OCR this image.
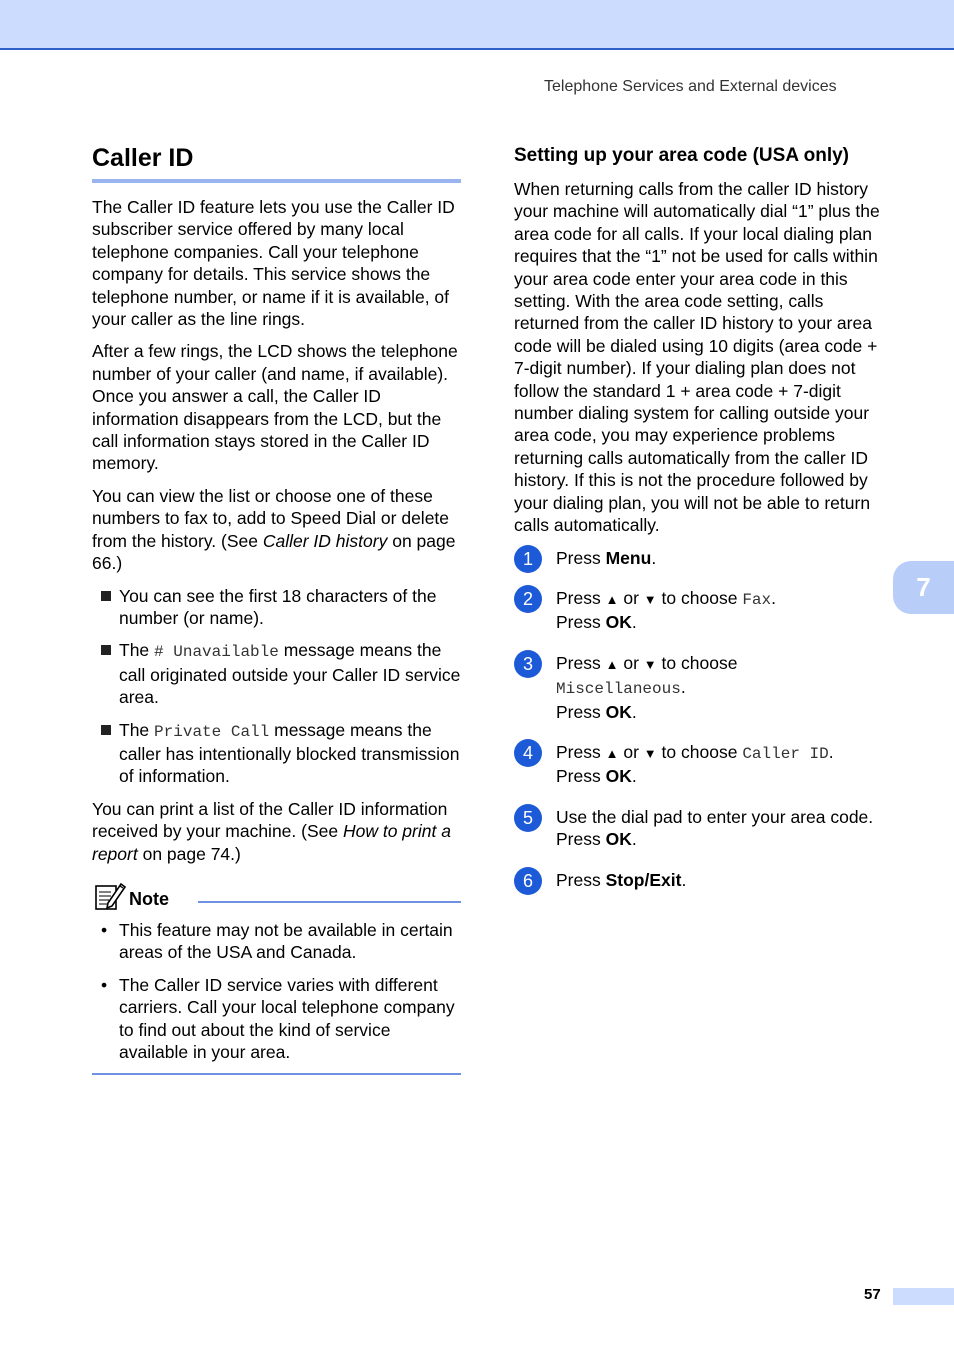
Telephone Services and External devices
7
Caller ID

The Caller ID feature lets you use the Caller ID subscriber service offered by many local telephone companies. Call your telephone company for details. This service shows the telephone number, or name if it is available, of your caller as the line rings.

After a few rings, the LCD shows the telephone number of your caller (and name, if available). Once you answer a call, the Caller ID information disappears from the LCD, but the call information stays stored in the Caller ID memory.

You can view the list or choose one of these numbers to fax to, add to Speed Dial or delete from the history. (See Caller ID history on page 66.)

You can see the first 18 characters of the number (or name).
The # Unavailable message means the call originated outside your Caller ID service area.
The Private Call message means the caller has intentionally blocked transmission of information.

You can print a list of the Caller ID information received by your machine. (See How to print a report on page 74.)

Note
• This feature may not be available in certain areas of the USA and Canada.
• The Caller ID service varies with different carriers. Call your local telephone company to find out about the kind of service available in your area.
Setting up your area code (USA only)

When returning calls from the caller ID history your machine will automatically dial “1” plus the area code for all calls. If your local dialing plan requires that the “1” not be used for calls within your area code enter your area code in this setting. With the area code setting, calls returned from the caller ID history to your area code will be dialed using 10 digits (area code + 7-digit number). If your dialing plan does not follow the standard 1 + area code + 7-digit number dialing system for calling outside your area code, you may experience problems returning calls automatically from the caller ID history. If this is not the procedure followed by your dialing plan, you will not be able to return calls automatically.

1	Press Menu.
2	Press ▲ or ▼ to choose Fax.
Press OK.
3	Press ▲ or ▼ to choose
Miscellaneous.
Press OK.
4	Press ▲ or ▼ to choose Caller ID.
Press OK.
5	Use the dial pad to enter your area code.
Press OK.
6	Press Stop/Exit.
57
